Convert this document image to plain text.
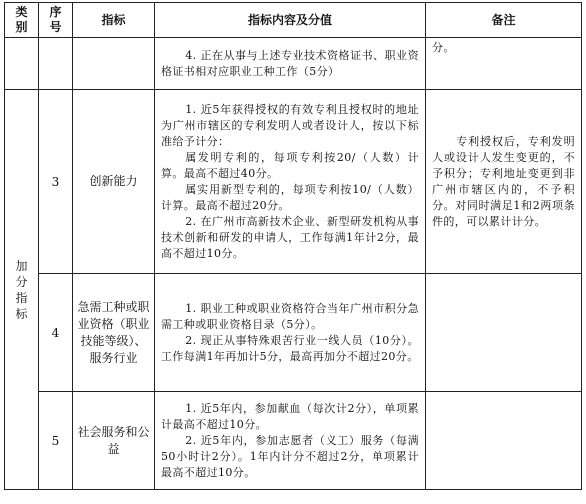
类别	序号	指标	指标内容及分值	备注

			4. 正在从事与上述专业技术资格证书、职业资格证书相对应职业工种工作（5分）	分。

加分指标	3	创新能力	1. 近5年获得授权的有效专利且授权时的地址为广州市辖区的专利发明人或者设计人，按以下标准给予计分：

属发明专利的，每项专利按20/（人数）计算。最高不超过40分。

属实用新型专利的，每项专利按10/（人数）计算。最高不超过20分。

2. 在广州市高新技术企业、新型研发机构从事技术创新和研发的申请人，工作每满1年计2分，最高不超过10分。	专利授权后，专利发明人或设计人发生变更的，不予积分；专利地址变更到非广州市辖区内的，不予积分。对同时满足1和2两项条件的，可以累计计分。

	4	急需工种或职业资格（职业技能等级）、服务行业	1. 职业工种或职业资格符合当年广州市积分急需工种或职业资格目录（5分）。

2. 现正从事特殊艰苦行业一线人员（10分）。工作每满1年再加计5分，最高再加分不超过20分。	

	5	社会服务和公益	1. 近5年内，参加献血（每次计2分），单项累计最高不超过10分。

2. 近5年内，参加志愿者（义工）服务（每满50小时计2分）。1年内计分不超过2分，单项累计最高不超过10分。	
